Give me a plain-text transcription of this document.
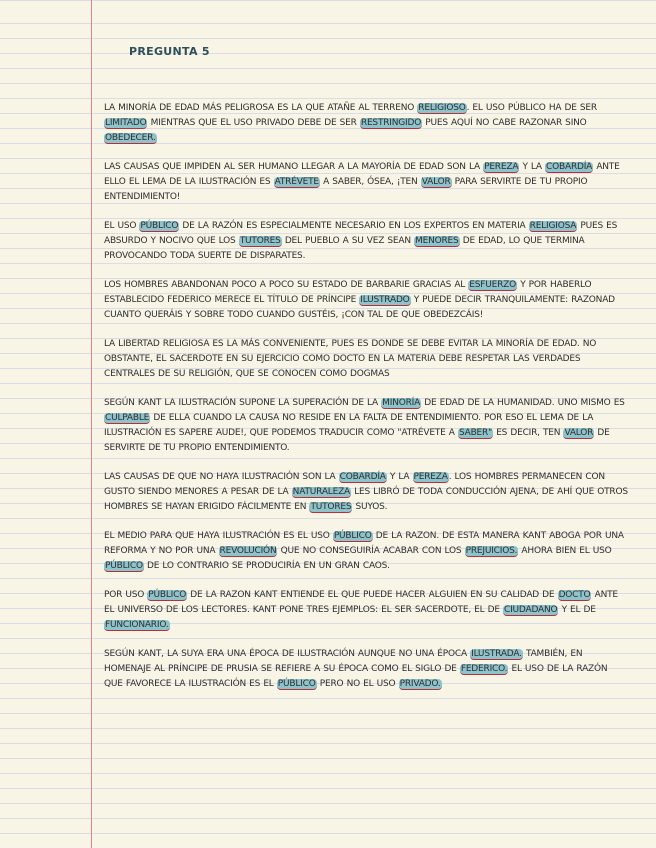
PREGUNTA 5

LA MINORÍA DE EDAD MÁS PELIGROSA ES LA QUE ATAÑE AL TERRENO RELIGIOSO. EL USO PÚBLICO HA DE SER LIMITADO MIENTRAS QUE EL USO PRIVADO DEBE DE SER RESTRINGIDO PUES AQUÍ NO CABE RAZONAR SINO OBEDECER.

LAS CAUSAS QUE IMPIDEN AL SER HUMANO LLEGAR A LA MAYORÍA DE EDAD SON LA PEREZA Y LA COBARDÍA ANTE ELLO EL LEMA DE LA ILUSTRACIÓN ES ATRÉVETE A SABER, ÓSEA, ¡TEN VALOR PARA SERVIRTE DE TU PROPIO ENTENDIMIENTO!

EL USO PÚBLICO DE LA RAZÓN ES ESPECIALMENTE NECESARIO EN LOS EXPERTOS EN MATERIA RELIGIOSA PUES ES ABSURDO Y NOCIVO QUE LOS TUTORES DEL PUEBLO A SU VEZ SEAN MENORES DE EDAD, LO QUE TERMINA PROVOCANDO TODA SUERTE DE DISPARATES.

LOS HOMBRES ABANDONAN POCO A POCO SU ESTADO DE BARBARIE GRACIAS AL ESFUERZO Y POR HABERLO ESTABLECIDO FEDERICO MERECE EL TÍTULO DE PRÍNCIPE ILUSTRADO Y PUEDE DECIR TRANQUILAMENTE: RAZONAD CUANTO QUERÁIS Y SOBRE TODO CUANDO GUSTÉIS, ¡CON TAL DE QUE OBEDEZCÁIS!

LA LIBERTAD RELIGIOSA ES LA MÁS CONVENIENTE, PUES ES DONDE SE DEBE EVITAR LA MINORÍA DE EDAD. NO OBSTANTE, EL SACERDOTE EN SU EJERCICIO COMO DOCTO EN LA MATERIA DEBE RESPETAR LAS VERDADES CENTRALES DE SU RELIGIÓN, QUE SE CONOCEN COMO DOGMAS

SEGÚN KANT LA ILUSTRACIÓN SUPONE LA SUPERACIÓN DE LA MINORÍA DE EDAD DE LA HUMANIDAD. UNO MISMO ES CULPABLE DE ELLA CUANDO LA CAUSA NO RESIDE EN LA FALTA DE ENTENDIMIENTO. POR ESO EL LEMA DE LA ILUSTRACIÓN ES SAPERE AUDE!, QUE PODEMOS TRADUCIR COMO "ATRÉVETE A SABER" ES DECIR, TEN VALOR DE SERVIRTE DE TU PROPIO ENTENDIMIENTO.

LAS CAUSAS DE QUE NO HAYA ILUSTRACIÓN SON LA COBARDÍA Y LA PEREZA. LOS HOMBRES PERMANECEN CON GUSTO SIENDO MENORES A PESAR DE LA NATURALEZA LES LIBRÓ DE TODA CONDUCCIÓN AJENA, DE AHÍ QUE OTROS HOMBRES SE HAYAN ERIGIDO FÁCILMENTE EN TUTORES SUYOS.

EL MEDIO PARA QUE HAYA ILUSTRACIÓN ES EL USO PÚBLICO DE LA RAZON. DE ESTA MANERA KANT ABOGA POR UNA REFORMA Y NO POR UNA REVOLUCIÓN QUE NO CONSEGUIRÍA ACABAR CON LOS PREJUICIOS. AHORA BIEN EL USO PÚBLICO DE LO CONTRARIO SE PRODUCIRÍA EN UN GRAN CAOS.

POR USO PÚBLICO DE LA RAZON KANT ENTIENDE EL QUE PUEDE HACER ALGUIEN EN SU CALIDAD DE DOCTO ANTE EL UNIVERSO DE LOS LECTORES. KANT PONE TRES EJEMPLOS: EL SER SACERDOTE, EL DE CIUDADANO Y EL DE FUNCIONARIO.

SEGÚN KANT, LA SUYA ERA UNA ÉPOCA DE ILUSTRACIÓN AUNQUE NO UNA ÉPOCA ILUSTRADA. TAMBIÉN, EN HOMENAJE AL PRÍNCIPE DE PRUSIA SE REFIERE A SU ÉPOCA COMO EL SIGLO DE FEDERICO. EL USO DE LA RAZÓN QUE FAVORECE LA ILUSTRACIÓN ES EL PÚBLICO PERO NO EL USO PRIVADO.
